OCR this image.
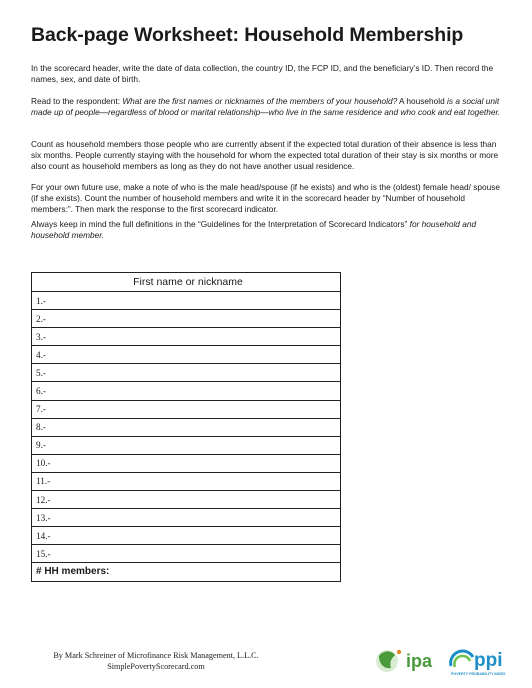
Back-page Worksheet: Household Membership
In the scorecard header, write the date of data collection, the country ID, the FCP ID, and the beneficiary’s ID. Then record the names, sex, and date of birth.
Read to the respondent: What are the first names or nicknames of the members of your household? A household is a social unit made up of people—regardless of blood or marital relationship—who live in the same residence and who cook and eat together.
Count as household members those people who are currently absent if the expected total duration of their absence is less than six months. People currently staying with the household for whom the expected total duration of their stay is six months or more also count as household members as long as they do not have another usual residence.
For your own future use, make a note of who is the male head/spouse (if he exists) and who is the (oldest) female head/ spouse (if she exists). Count the number of household members and write it in the scorecard header by “Number of household members:”. Then mark the response to the first scorecard indicator.
Always keep in mind the full definitions in the “Guidelines for the Interpretation of Scorecard Indicators” for household and household member.
First name or nickname
1.-
2.-
3.-
4.-
5.-
6.-
7.-
8.-
9.-
10.-
11.-
12.-
13.-
14.-
15.-
# HH members:
By Mark Schreiner of Microfinance Risk Management, L.L.C.
SimplePovertyScorecard.com	ipa ppi
POVERTY PROBABILITY INDEX
